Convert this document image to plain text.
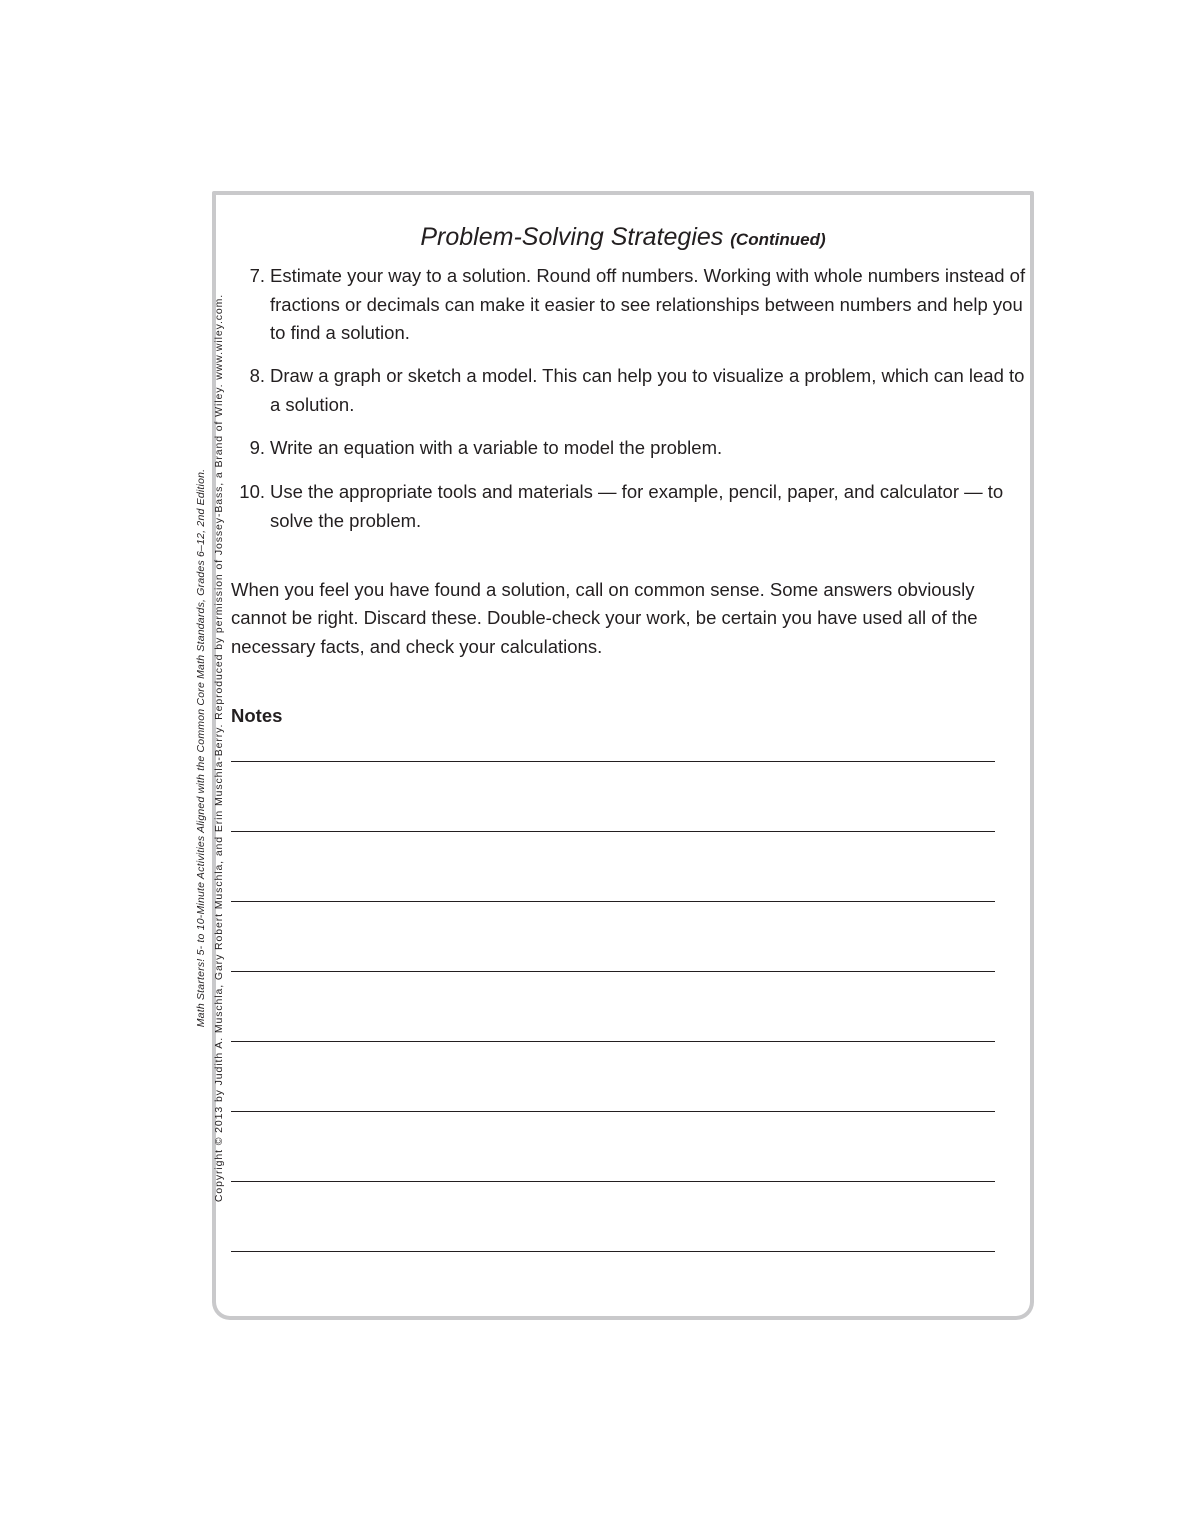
Problem-Solving Strategies (Continued)
7. Estimate your way to a solution. Round off numbers. Working with whole numbers instead of fractions or decimals can make it easier to see relationships between numbers and help you to find a solution.
8. Draw a graph or sketch a model. This can help you to visualize a problem, which can lead to a solution.
9. Write an equation with a variable to model the problem.
10. Use the appropriate tools and materials — for example, pencil, paper, and calculator — to solve the problem.
When you feel you have found a solution, call on common sense. Some answers obviously cannot be right. Discard these. Double-check your work, be certain you have used all of the necessary facts, and check your calculations.
Notes
Math Starters! 5- to 10-Minute Activities Aligned with the Common Core Math Standards, Grades 6–12, 2nd Edition. Copyright © 2013 by Judith A. Muschla, Gary Robert Muschla, and Erin Muschla-Berry. Reproduced by permission of Jossey-Bass, a Brand of Wiley. www.wiley.com.
